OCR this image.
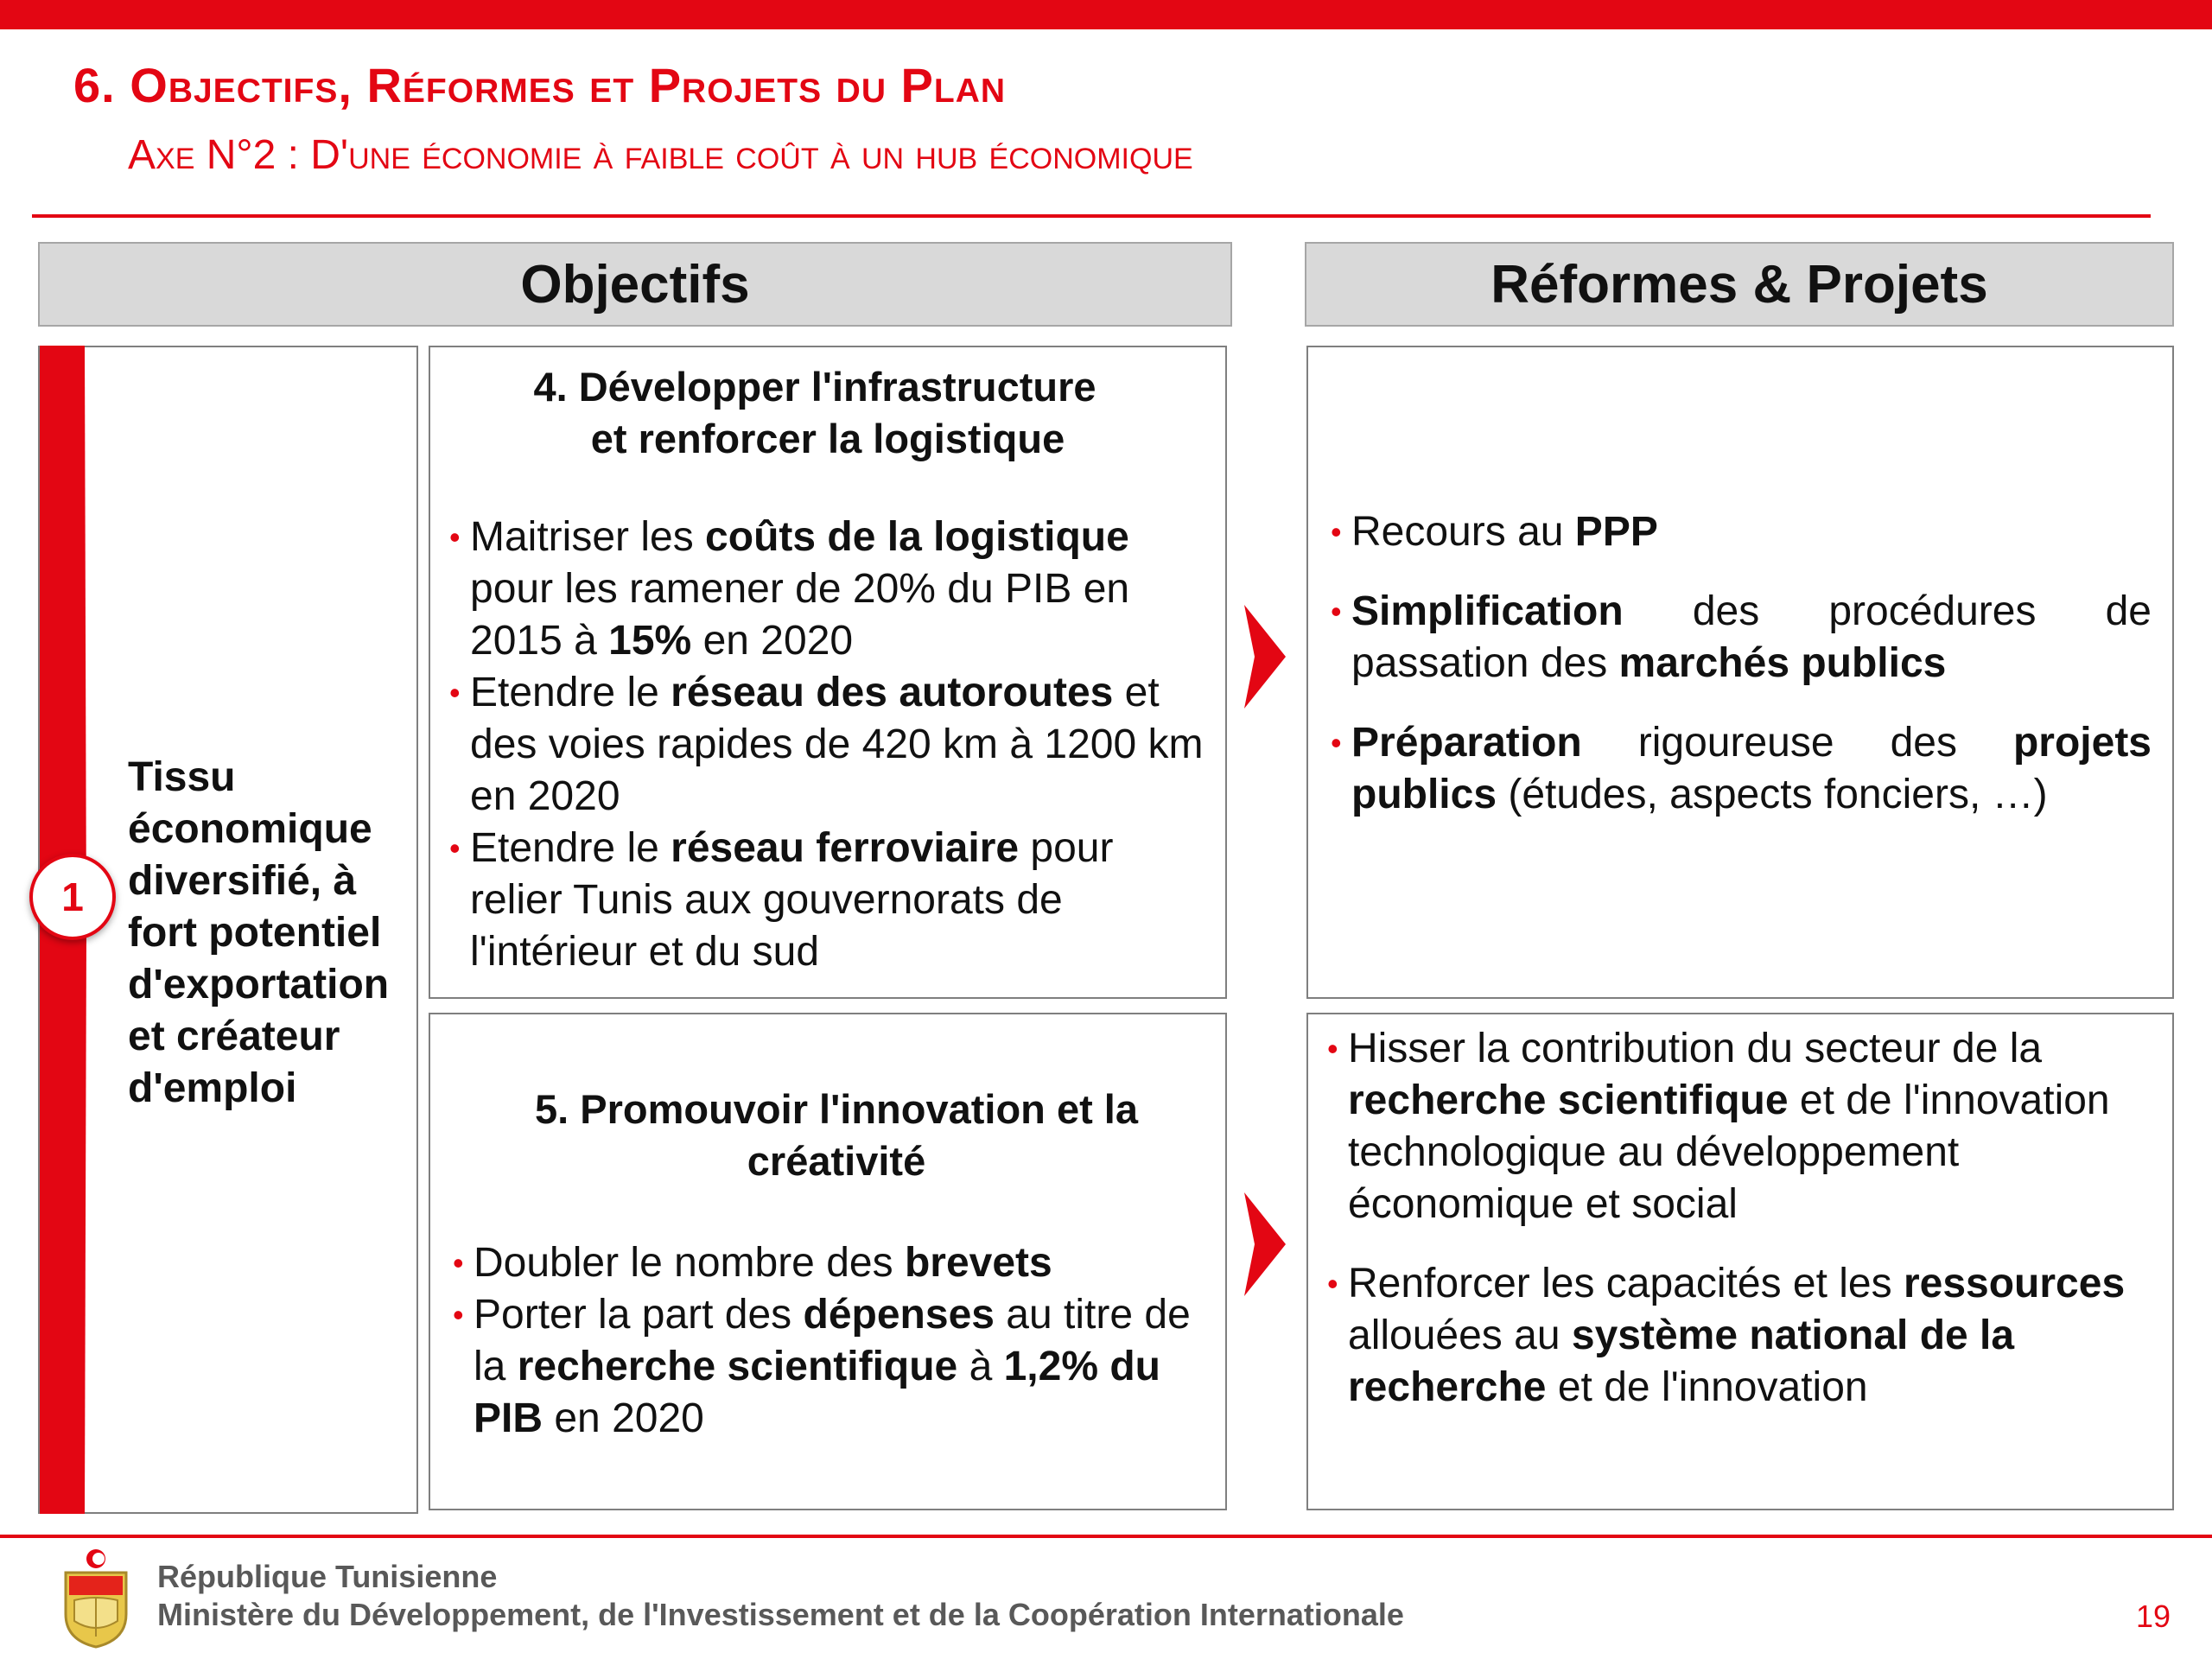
6. Objectifs, Réformes et Projets du Plan
Axe N°2 : D'une économie à faible coût à un hub économique
Objectifs	Réformes & Projets
1
Tissu économique diversifié, à fort potentiel d'exportation et créateur d'emploi
4. Développer l'infrastructure
et renforcer la logistique
• Maitriser les coûts de la logistique pour les ramener de 20% du PIB en 2015 à 15% en 2020
• Etendre le réseau des autoroutes et des voies rapides de 420 km à 1200 km en 2020
• Etendre le réseau ferroviaire pour relier Tunis aux gouvernorats de l'intérieur et du sud
5. Promouvoir l'innovation et la
créativité
• Doubler le nombre des brevets
• Porter la part des dépenses au titre de la recherche scientifique à 1,2% du PIB en 2020
• Recours au PPP
• Simplification des procédures de passation des marchés publics
• Préparation rigoureuse des projets publics (études, aspects fonciers, …)
• Hisser la contribution du secteur de la recherche scientifique et de l'innovation technologique au développement économique et social
• Renforcer les capacités et les ressources allouées au système national de la recherche et de l'innovation
République Tunisienne
Ministère du Développement, de l'Investissement et de la Coopération Internationale	19
